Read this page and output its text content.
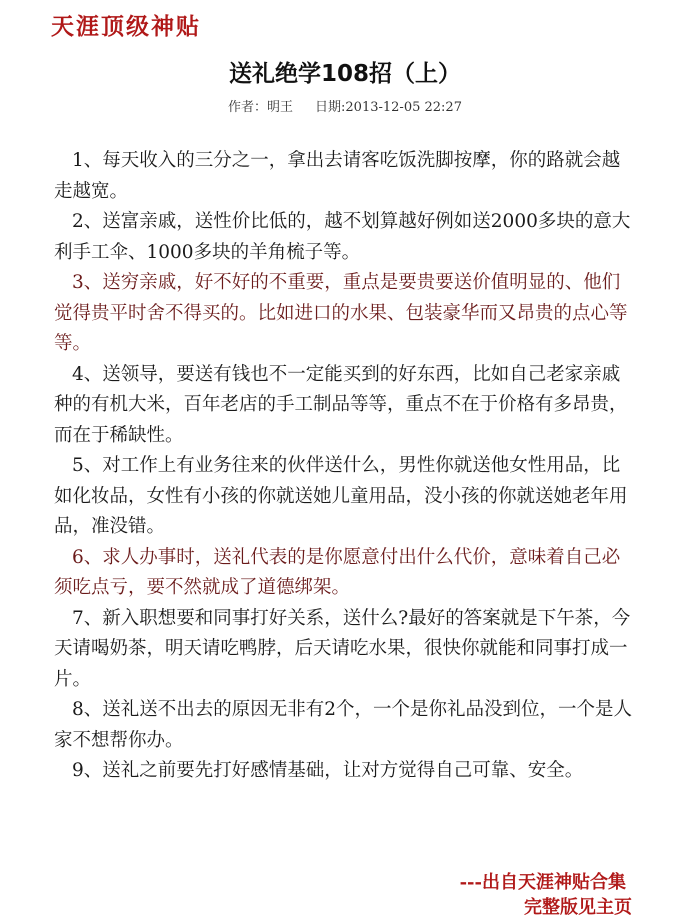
天涯顶级神贴
送礼绝学108招（上）
作者：明王 日期:2013-12-05 22:27

1、每天收入的三分之一，拿出去请客吃饭洗脚按摩，你的路就会越走越宽。

2、送富亲戚，送性价比低的，越不划算越好例如送2000多块的意大利手工伞、1000多块的羊角梳子等。

3、送穷亲戚，好不好的不重要，重点是要贵要送价值明显的、他们觉得贵平时舍不得买的。比如进口的水果、包装豪华而又昂贵的点心等等。

4、送领导，要送有钱也不一定能买到的好东西，比如自己老家亲戚种的有机大米，百年老店的手工制品等等，重点不在于价格有多昂贵，而在于稀缺性。

5、对工作上有业务往来的伙伴送什么，男性你就送他女性用品，比如化妆品，女性有小孩的你就送她儿童用品，没小孩的你就送她老年用品，准没错。

6、求人办事时，送礼代表的是你愿意付出什么代价，意味着自己必须吃点亏，要不然就成了道德绑架。

7、新入职想要和同事打好关系，送什么?最好的答案就是下午茶，今天请喝奶茶，明天请吃鸭脖，后天请吃水果，很快你就能和同事打成一片。

8、送礼送不出去的原因无非有2个，一个是你礼品没到位，一个是人家不想帮你办。

9、送礼之前要先打好感情基础，让对方觉得自己可靠、安全。

---出自天涯神贴合集
完整版见主页
